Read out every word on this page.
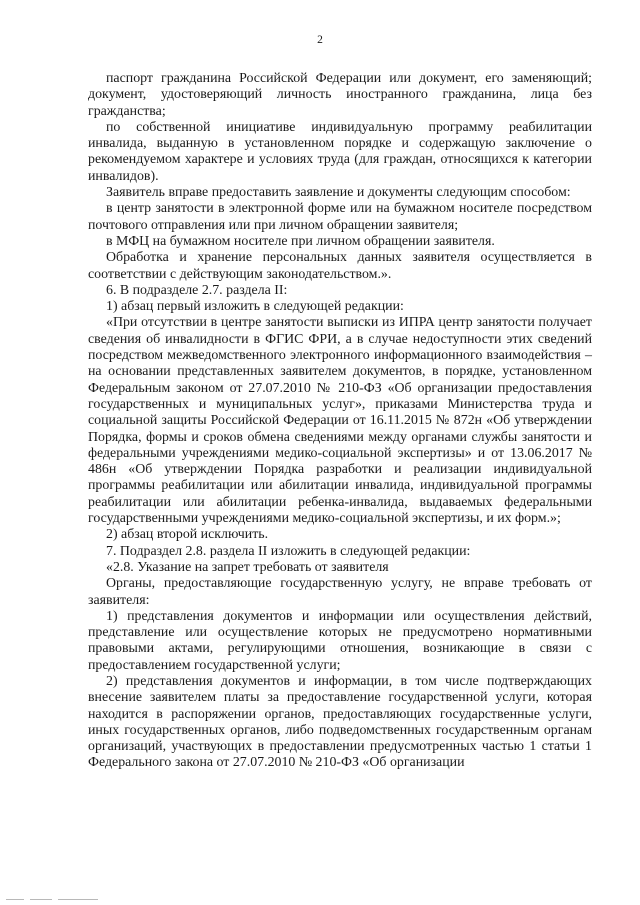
2

паспорт гражданина Российской Федерации или документ, его заменяющий; документ, удостоверяющий личность иностранного гражданина, лица без гражданства;

по собственной инициативе индивидуальную программу реабилитации инвалида, выданную в установленном порядке и содержащую заключение о рекомендуемом характере и условиях труда (для граждан, относящихся к категории инвалидов).

Заявитель вправе предоставить заявление и документы следующим способом:

в центр занятости в электронной форме или на бумажном носителе посредством почтового отправления или при личном обращении заявителя;

в МФЦ на бумажном носителе при личном обращении заявителя.

Обработка и хранение персональных данных заявителя осуществляется в соответствии с действующим законодательством.».

6. В подразделе 2.7. раздела II:

1) абзац первый изложить в следующей редакции:

«При отсутствии в центре занятости выписки из ИПРА центр занятости получает сведения об инвалидности в ФГИС ФРИ, а в случае недоступности этих сведений посредством межведомственного электронного информационного взаимодействия – на основании представленных заявителем документов, в порядке, установленном Федеральным законом от 27.07.2010 № 210-ФЗ «Об организации предоставления государственных и муниципальных услуг», приказами Министерства труда и социальной защиты Российской Федерации от 16.11.2015 № 872н «Об утверждении Порядка, формы и сроков обмена сведениями между органами службы занятости и федеральными учреждениями медико-социальной экспертизы» и от 13.06.2017 № 486н «Об утверждении Порядка разработки и реализации индивидуальной программы реабилитации или абилитации инвалида, индивидуальной программы реабилитации или абилитации ребенка-инвалида, выдаваемых федеральными государственными учреждениями медико-социальной экспертизы, и их форм.»;

2) абзац второй исключить.

7. Подраздел 2.8. раздела II изложить в следующей редакции:

«2.8. Указание на запрет требовать от заявителя

Органы, предоставляющие государственную услугу, не вправе требовать от заявителя:

1) представления документов и информации или осуществления действий, представление или осуществление которых не предусмотрено нормативными правовыми актами, регулирующими отношения, возникающие в связи с предоставлением государственной услуги;

2) представления документов и информации, в том числе подтверждающих внесение заявителем платы за предоставление государственной услуги, которая находится в распоряжении органов, предоставляющих государственные услуги, иных государственных органов, либо подведомственных государственным органам организаций, участвующих в предоставлении предусмотренных частью 1 статьи 1 Федерального закона от 27.07.2010 № 210-ФЗ «Об организации
